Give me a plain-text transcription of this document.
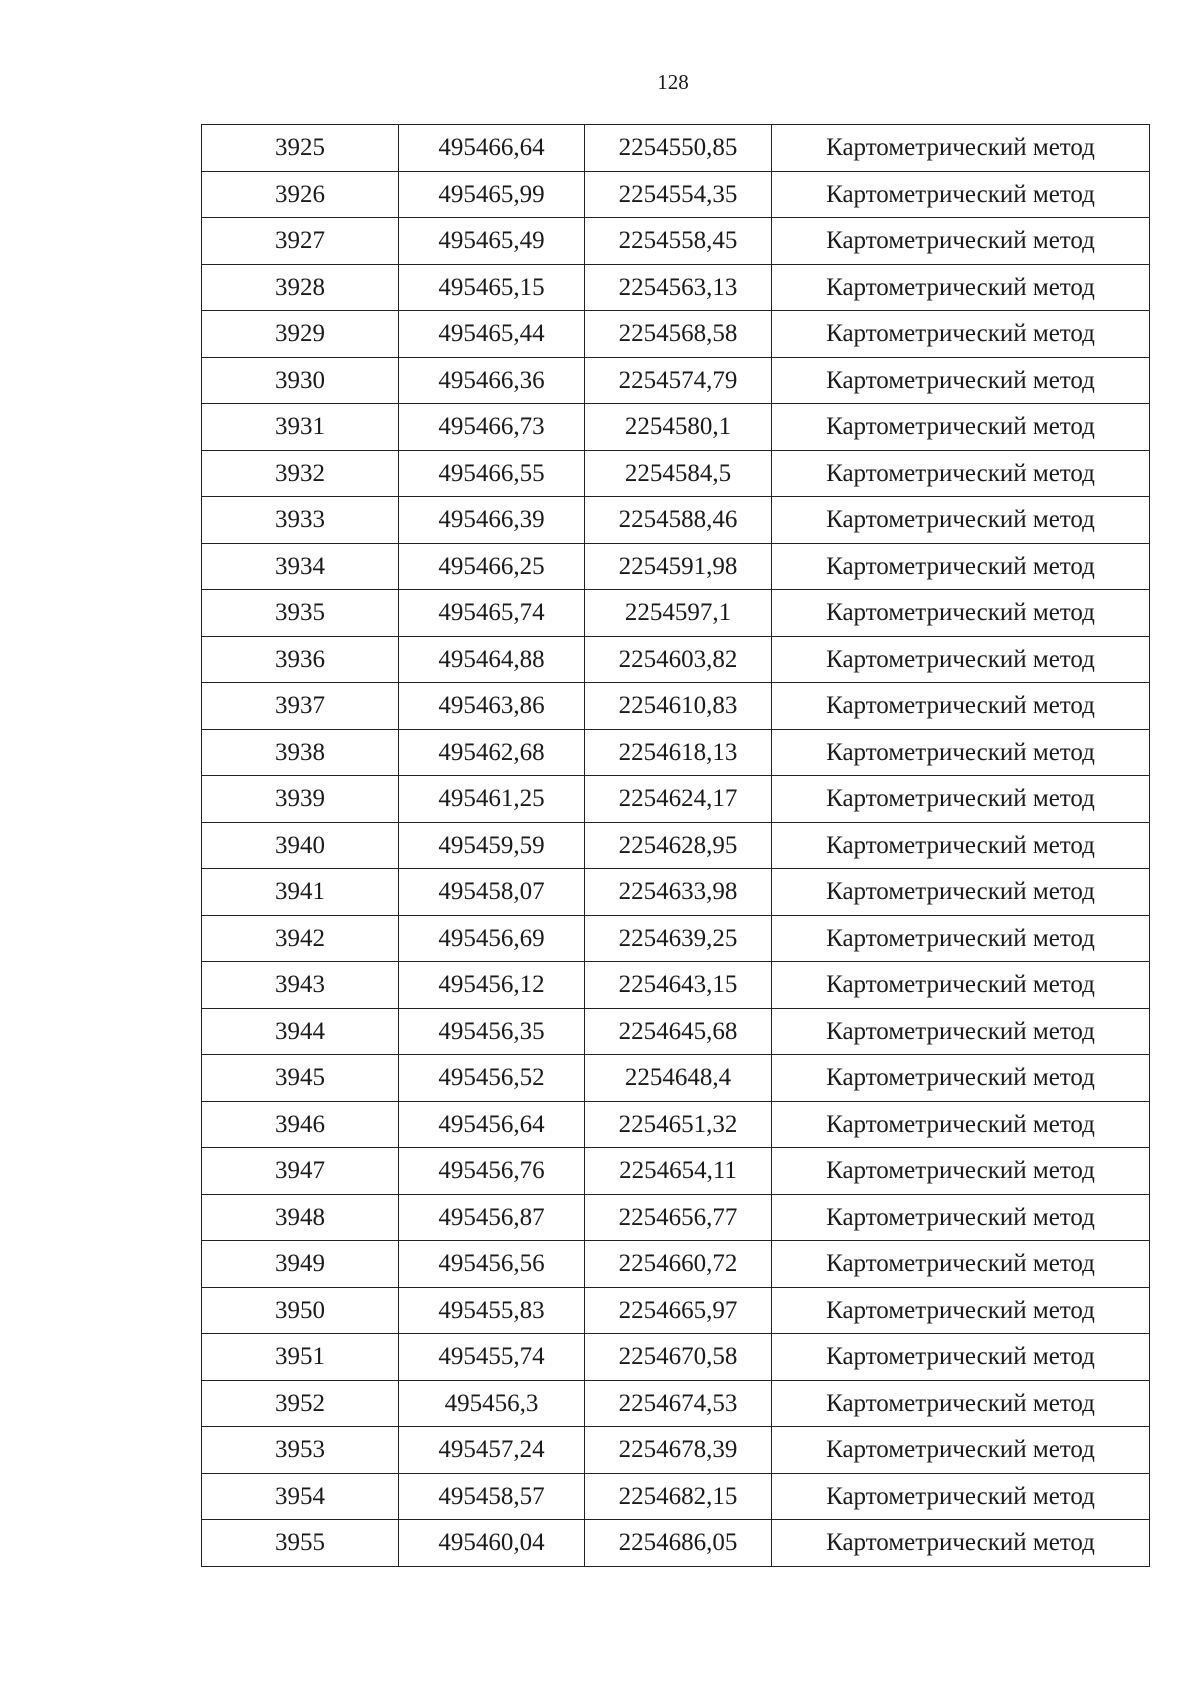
128
3925	495466,64	2254550,85	Картометрический метод
3926	495465,99	2254554,35	Картометрический метод
3927	495465,49	2254558,45	Картометрический метод
3928	495465,15	2254563,13	Картометрический метод
3929	495465,44	2254568,58	Картометрический метод
3930	495466,36	2254574,79	Картометрический метод
3931	495466,73	2254580,1	Картометрический метод
3932	495466,55	2254584,5	Картометрический метод
3933	495466,39	2254588,46	Картометрический метод
3934	495466,25	2254591,98	Картометрический метод
3935	495465,74	2254597,1	Картометрический метод
3936	495464,88	2254603,82	Картометрический метод
3937	495463,86	2254610,83	Картометрический метод
3938	495462,68	2254618,13	Картометрический метод
3939	495461,25	2254624,17	Картометрический метод
3940	495459,59	2254628,95	Картометрический метод
3941	495458,07	2254633,98	Картометрический метод
3942	495456,69	2254639,25	Картометрический метод
3943	495456,12	2254643,15	Картометрический метод
3944	495456,35	2254645,68	Картометрический метод
3945	495456,52	2254648,4	Картометрический метод
3946	495456,64	2254651,32	Картометрический метод
3947	495456,76	2254654,11	Картометрический метод
3948	495456,87	2254656,77	Картометрический метод
3949	495456,56	2254660,72	Картометрический метод
3950	495455,83	2254665,97	Картометрический метод
3951	495455,74	2254670,58	Картометрический метод
3952	495456,3	2254674,53	Картометрический метод
3953	495457,24	2254678,39	Картометрический метод
3954	495458,57	2254682,15	Картометрический метод
3955	495460,04	2254686,05	Картометрический метод
